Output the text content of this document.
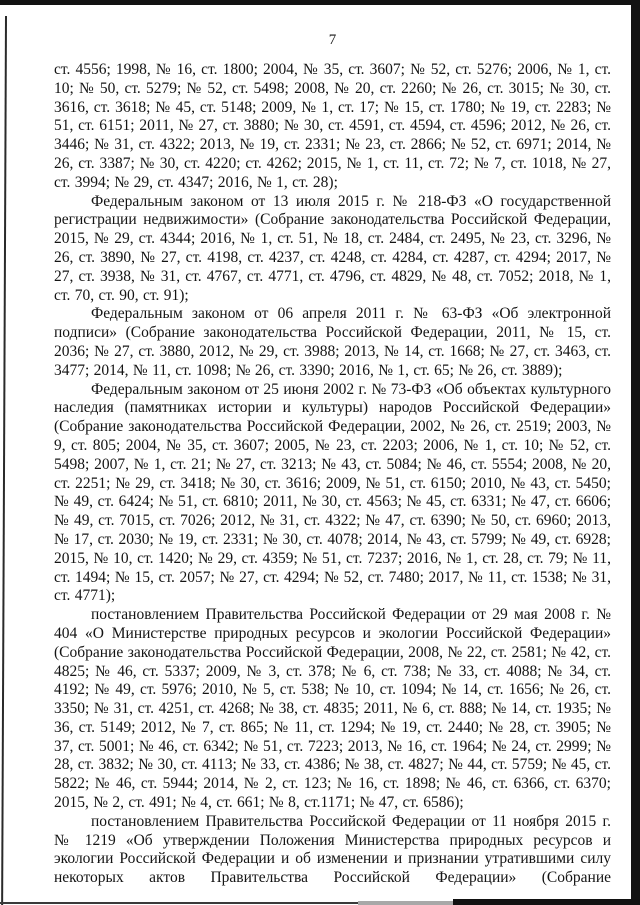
7

ст. 4556; 1998, № 16, ст. 1800; 2004, № 35, ст. 3607; № 52, ст. 5276; 2006, № 1, ст. 10; № 50, ст. 5279; № 52, ст. 5498; 2008, № 20, ст. 2260; № 26, ст. 3015; № 30, ст. 3616, ст. 3618; № 45, ст. 5148; 2009, № 1, ст. 17; № 15, ст. 1780; № 19, ст. 2283; № 51, ст. 6151; 2011, № 27, ст. 3880; № 30, ст. 4591, ст. 4594, ст. 4596; 2012, № 26, ст. 3446; № 31, ст. 4322; 2013, № 19, ст. 2331; № 23, ст. 2866; № 52, ст. 6971; 2014, № 26, ст. 3387; № 30, ст. 4220; ст. 4262; 2015, № 1, ст. 11, ст. 72; № 7, ст. 1018, № 27, ст. 3994; № 29, ст. 4347; 2016, № 1, ст. 28);

Федеральным законом от 13 июля 2015 г. № 218-ФЗ «О государственной регистрации недвижимости» (Собрание законодательства Российской Федерации, 2015, № 29, ст. 4344; 2016, № 1, ст. 51, № 18, ст. 2484, ст. 2495, № 23, ст. 3296, № 26, ст. 3890, № 27, ст. 4198, ст. 4237, ст. 4248, ст. 4284, ст. 4287, ст. 4294; 2017, № 27, ст. 3938, № 31, ст. 4767, ст. 4771, ст. 4796, ст. 4829, № 48, ст. 7052; 2018, № 1, ст. 70, ст. 90, ст. 91);

Федеральным законом от 06 апреля 2011 г. № 63-ФЗ «Об электронной подписи» (Собрание законодательства Российской Федерации, 2011, № 15, ст. 2036; № 27, ст. 3880, 2012, № 29, ст. 3988; 2013, № 14, ст. 1668; № 27, ст. 3463, ст. 3477; 2014, № 11, ст. 1098; № 26, ст. 3390; 2016, № 1, ст. 65; № 26, ст. 3889);

Федеральным законом от 25 июня 2002 г. № 73-ФЗ «Об объектах культурного наследия (памятниках истории и культуры) народов Российской Федерации» (Собрание законодательства Российской Федерации, 2002, № 26, ст. 2519; 2003, № 9, ст. 805; 2004, № 35, ст. 3607; 2005, № 23, ст. 2203; 2006, № 1, ст. 10; № 52, ст. 5498; 2007, № 1, ст. 21; № 27, ст. 3213; № 43, ст. 5084; № 46, ст. 5554; 2008, № 20, ст. 2251; № 29, ст. 3418; № 30, ст. 3616; 2009, № 51, ст. 6150; 2010, № 43, ст. 5450; № 49, ст. 6424; № 51, ст. 6810; 2011, № 30, ст. 4563; № 45, ст. 6331; № 47, ст. 6606; № 49, ст. 7015, ст. 7026; 2012, № 31, ст. 4322; № 47, ст. 6390; № 50, ст. 6960; 2013, № 17, ст. 2030; № 19, ст. 2331; № 30, ст. 4078; 2014, № 43, ст. 5799; № 49, ст. 6928; 2015, № 10, ст. 1420; № 29, ст. 4359; № 51, ст. 7237; 2016, № 1, ст. 28, ст. 79; № 11, ст. 1494; № 15, ст. 2057; № 27, ст. 4294; № 52, ст. 7480; 2017, № 11, ст. 1538; № 31, ст. 4771);

постановлением Правительства Российской Федерации от 29 мая 2008 г. № 404 «О Министерстве природных ресурсов и экологии Российской Федерации» (Собрание законодательства Российской Федерации, 2008, № 22, ст. 2581; № 42, ст. 4825; № 46, ст. 5337; 2009, № 3, ст. 378; № 6, ст. 738; № 33, ст. 4088; № 34, ст. 4192; № 49, ст. 5976; 2010, № 5, ст. 538; № 10, ст. 1094; № 14, ст. 1656; № 26, ст. 3350; № 31, ст. 4251, ст. 4268; № 38, ст. 4835; 2011, № 6, ст. 888; № 14, ст. 1935; № 36, ст. 5149; 2012, № 7, ст. 865; № 11, ст. 1294; № 19, ст. 2440; № 28, ст. 3905; № 37, ст. 5001; № 46, ст. 6342; № 51, ст. 7223; 2013, № 16, ст. 1964; № 24, ст. 2999; № 28, ст. 3832; № 30, ст. 4113; № 33, ст. 4386; № 38, ст. 4827; № 44, ст. 5759; № 45, ст. 5822; № 46, ст. 5944; 2014, № 2, ст. 123; № 16, ст. 1898; № 46, ст. 6366, ст. 6370; 2015, № 2, ст. 491; № 4, ст. 661; № 8, ст.1171; № 47, ст. 6586);

постановлением Правительства Российской Федерации от 11 ноября 2015 г. № 1219 «Об утверждении Положения Министерства природных ресурсов и экологии Российской Федерации и об изменении и признании утратившими силу некоторых актов Правительства Российской Федерации» (Собрание
